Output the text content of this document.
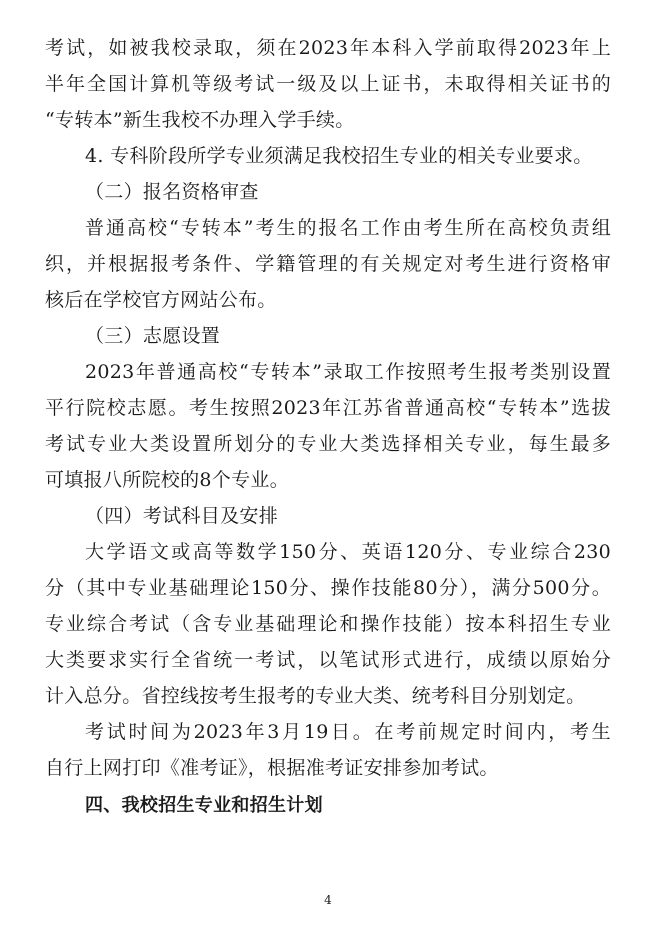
考试，如被我校录取，须在2023年本科入学前取得2023年上
半年全国计算机等级考试一级及以上证书，未取得相关证书的
“专转本”新生我校不办理入学手续。
4. 专科阶段所学专业须满足我校招生专业的相关专业要求。
（二）报名资格审查
普通高校“专转本”考生的报名工作由考生所在高校负责组
织，并根据报考条件、学籍管理的有关规定对考生进行资格审
核后在学校官方网站公布。
（三）志愿设置
2023年普通高校“专转本”录取工作按照考生报考类别设置
平行院校志愿。考生按照2023年江苏省普通高校“专转本”选拔
考试专业大类设置所划分的专业大类选择相关专业，每生最多
可填报八所院校的8个专业。
（四）考试科目及安排
大学语文或高等数学150分、英语120分、专业综合230
分（其中专业基础理论150分、操作技能80分），满分500分。
专业综合考试（含专业基础理论和操作技能）按本科招生专业
大类要求实行全省统一考试，以笔试形式进行，成绩以原始分
计入总分。省控线按考生报考的专业大类、统考科目分别划定。
考试时间为2023年3月19日。在考前规定时间内，考生
自行上网打印《准考证》，根据准考证安排参加考试。
四、我校招生专业和招生计划
4
